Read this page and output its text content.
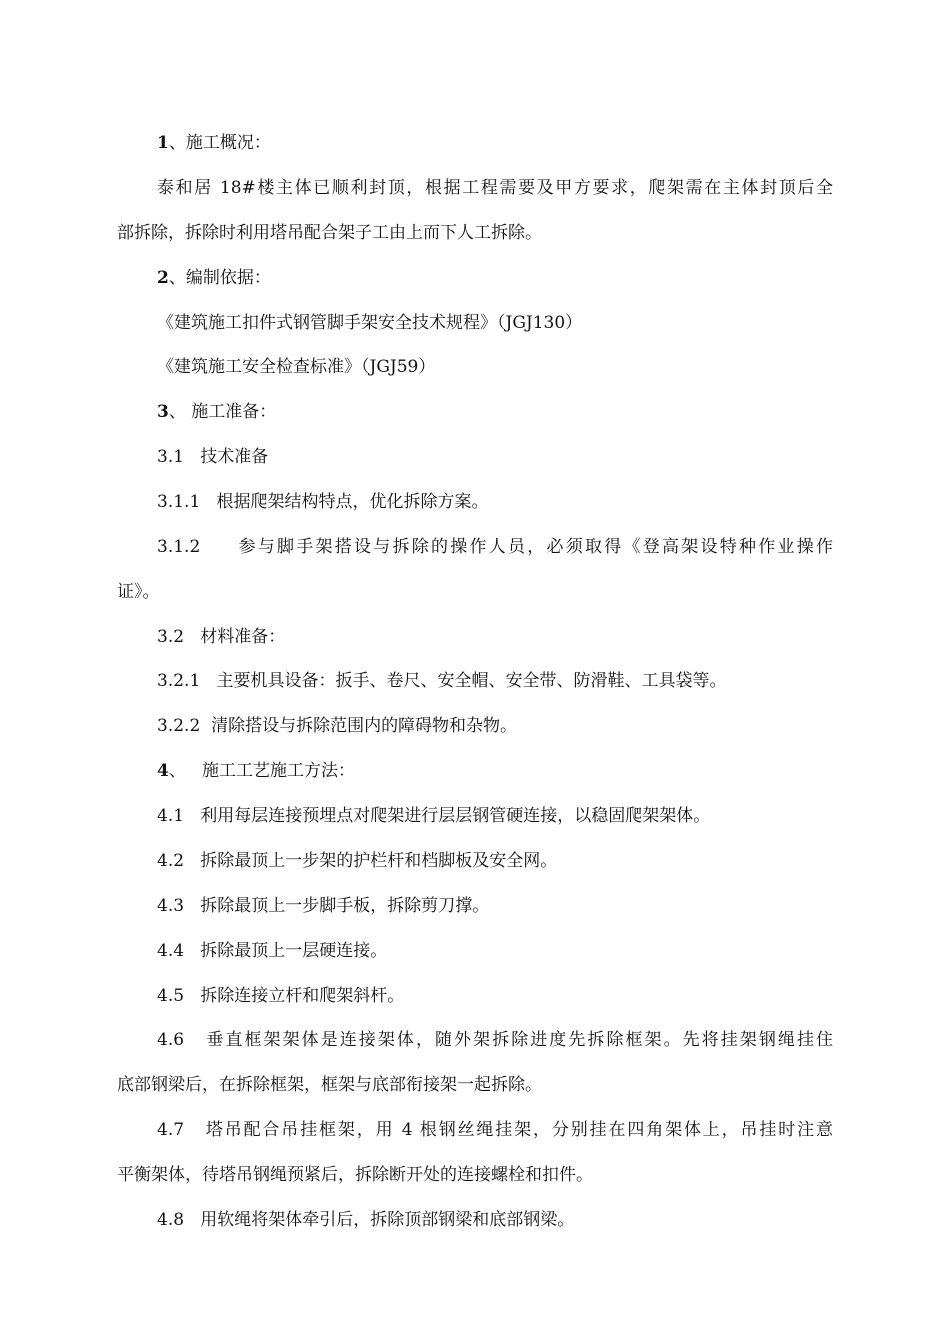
1、施工概况：

泰和居 18#楼主体已顺利封顶，根据工程需要及甲方要求，爬架需在主体封顶后全

部拆除，拆除时利用塔吊配合架子工由上而下人工拆除。

2、编制依据：

《建筑施工扣件式钢管脚手架安全技术规程》（JGJ130）

《建筑施工安全检查标准》（JGJ59）

3、 施工准备：

3.1   技术准备

3.1.1   根据爬架结构特点，优化拆除方案。

3.1.2     参与脚手架搭设与拆除的操作人员，必须取得《登高架设特种作业操作

证》。

3.2   材料准备：

3.2.1   主要机具设备：扳手、卷尺、安全帽、安全带、防滑鞋、工具袋等。

3.2.2  清除搭设与拆除范围内的障碍物和杂物。

4、   施工工艺施工方法：

4.1   利用每层连接预埋点对爬架进行层层钢管硬连接，以稳固爬架架体。

4.2   拆除最顶上一步架的护栏杆和档脚板及安全网。

4.3   拆除最顶上一步脚手板，拆除剪刀撑。

4.4   拆除最顶上一层硬连接。

4.5   拆除连接立杆和爬架斜杆。

4.6   垂直框架架体是连接架体，随外架拆除进度先拆除框架。先将挂架钢绳挂住

底部钢梁后，在拆除框架，框架与底部衔接架一起拆除。

4.7   塔吊配合吊挂框架，用 4 根钢丝绳挂架，分别挂在四角架体上，吊挂时注意

平衡架体，待塔吊钢绳预紧后，拆除断开处的连接螺栓和扣件。

4.8   用软绳将架体牵引后，拆除顶部钢梁和底部钢梁。
